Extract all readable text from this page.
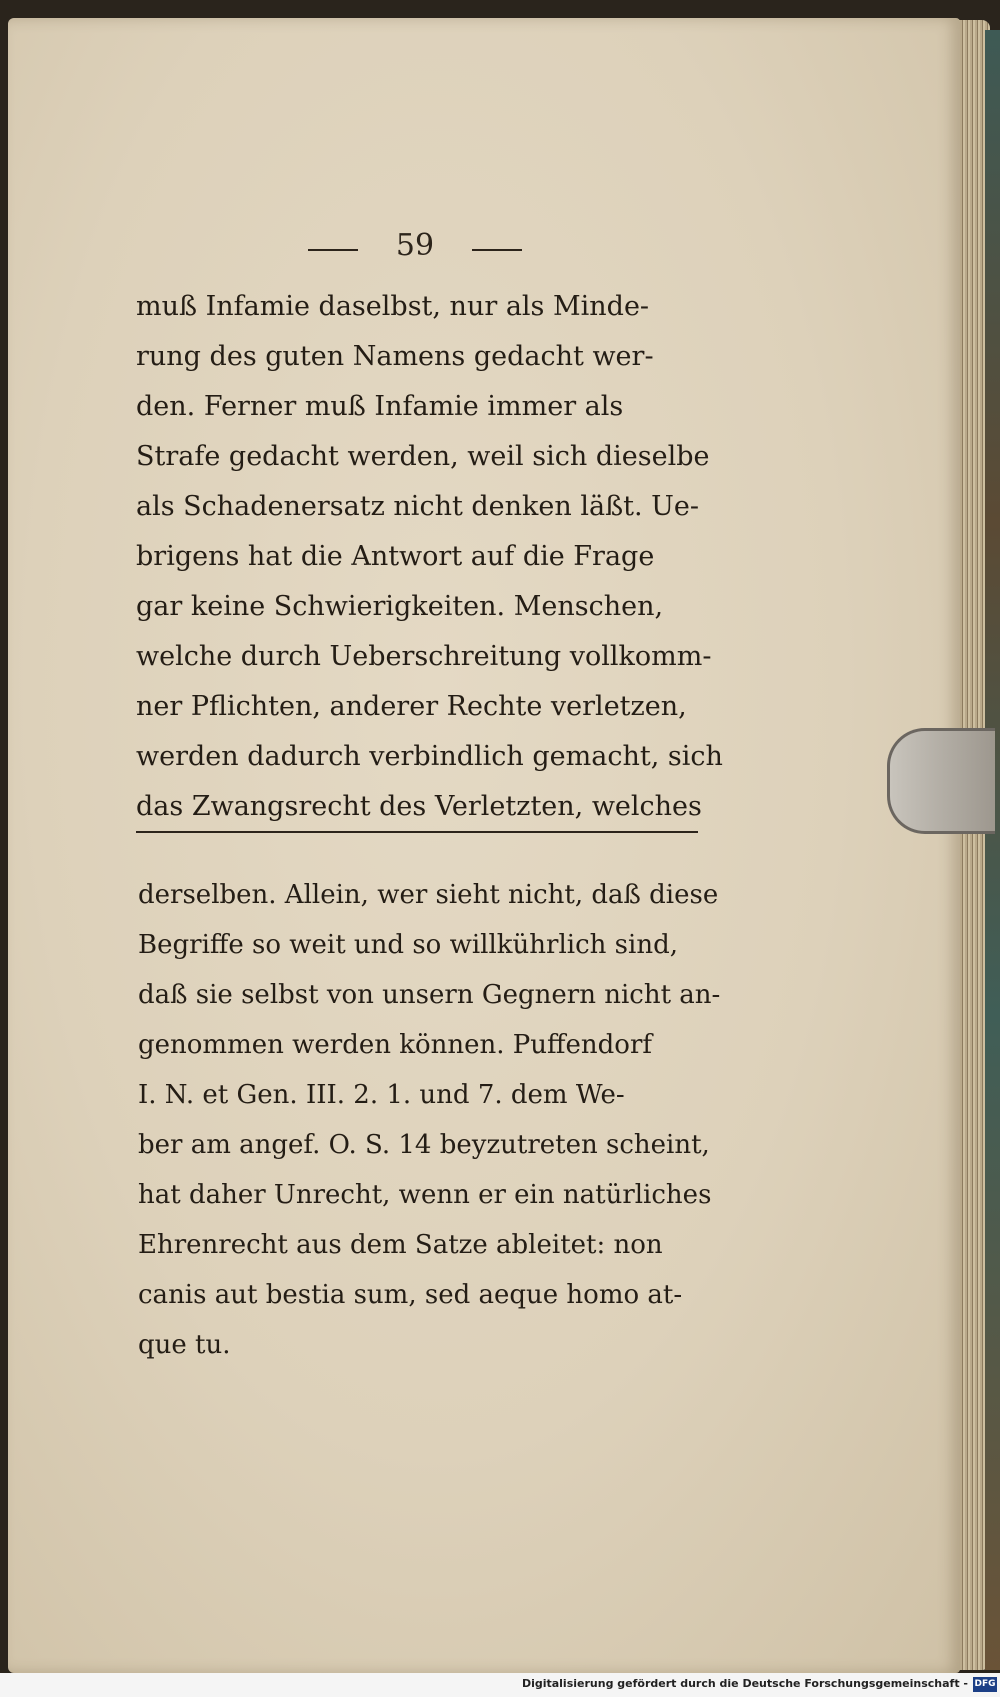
59
muß Infamie daselbst, nur als Minde-
rung des guten Namens gedacht wer-
den. Ferner muß Infamie immer als
Strafe gedacht werden, weil sich dieselbe
als Schadenersatz nicht denken läßt. Ue-
brigens hat die Antwort auf die Frage
gar keine Schwierigkeiten. Menschen,
welche durch Ueberschreitung vollkomm-
ner Pflichten, anderer Rechte verletzen,
werden dadurch verbindlich gemacht, sich
das Zwangsrecht des Verletzten, welches
derselben. Allein, wer sieht nicht, daß diese
Begriffe so weit und so willkührlich sind,
daß sie selbst von unsern Gegnern nicht an-
genommen werden können. Puffendorf
I. N. et Gen. III. 2. 1. und 7. dem We-
ber am angef. O. S. 14 beyzutreten scheint,
hat daher Unrecht, wenn er ein natürliches
Ehrenrecht aus dem Satze ableitet: non
canis aut bestia sum, sed aeque homo at-
que tu.
Digitalisierung gefördert durch die Deutsche Forschungsgemeinschaft - DFG
